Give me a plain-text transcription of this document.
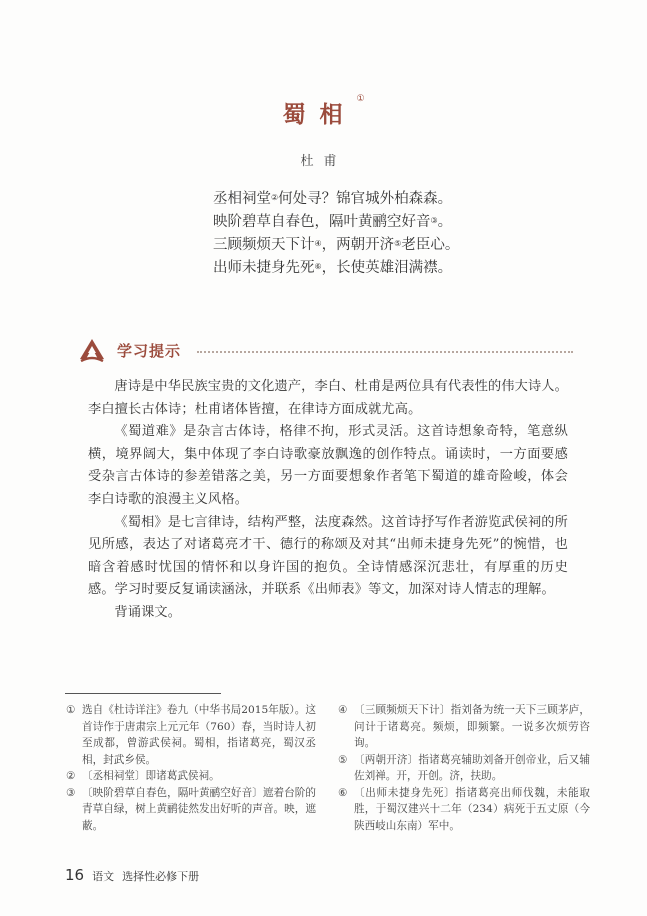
蜀相①
杜甫
丞相祠堂②何处寻？锦官城外柏森森。
映阶碧草自春色，隔叶黄鹂空好音③。
三顾频烦天下计④，两朝开济⑤老臣心。
出师未捷身先死⑥，长使英雄泪满襟。
学习提示

唐诗是中华民族宝贵的文化遗产，李白、杜甫是两位具有代表性的伟大诗人。李白擅长古体诗；杜甫诸体皆擅，在律诗方面成就尤高。

《蜀道难》是杂言古体诗，格律不拘，形式灵活。这首诗想象奇特，笔意纵横，境界阔大，集中体现了李白诗歌豪放飘逸的创作特点。诵读时，一方面要感受杂言古体诗的参差错落之美，另一方面要想象作者笔下蜀道的雄奇险峻，体会李白诗歌的浪漫主义风格。

《蜀相》是七言律诗，结构严整，法度森然。这首诗抒写作者游览武侯祠的所见所感，表达了对诸葛亮才干、德行的称颂及对其“出师未捷身先死”的惋惜，也暗含着感时忧国的情怀和以身许国的抱负。全诗情感深沉悲壮，有厚重的历史感。学习时要反复诵读涵泳，并联系《出师表》等文，加深对诗人情志的理解。

背诵课文。

① 选自《杜诗详注》卷九（中华书局2015年版）。这首诗作于唐肃宗上元元年（760）春，当时诗人初至成都，曾游武侯祠。蜀相，指诸葛亮，蜀汉丞相，封武乡侯。
② 〔丞相祠堂〕即诸葛武侯祠。
③ 〔映阶碧草自春色，隔叶黄鹂空好音〕遮着台阶的青草自绿，树上黄鹂徒然发出好听的声音。映，遮蔽。
④ 〔三顾频烦天下计〕指刘备为统一天下三顾茅庐，问计于诸葛亮。频烦，即频繁。一说多次烦劳咨询。
⑤ 〔两朝开济〕指诸葛亮辅助刘备开创帝业，后又辅佐刘禅。开，开创。济，扶助。
⑥ 〔出师未捷身先死〕指诸葛亮出师伐魏，未能取胜，于蜀汉建兴十二年（234）病死于五丈原（今陕西岐山东南）军中。
16 语文 选择性必修下册
